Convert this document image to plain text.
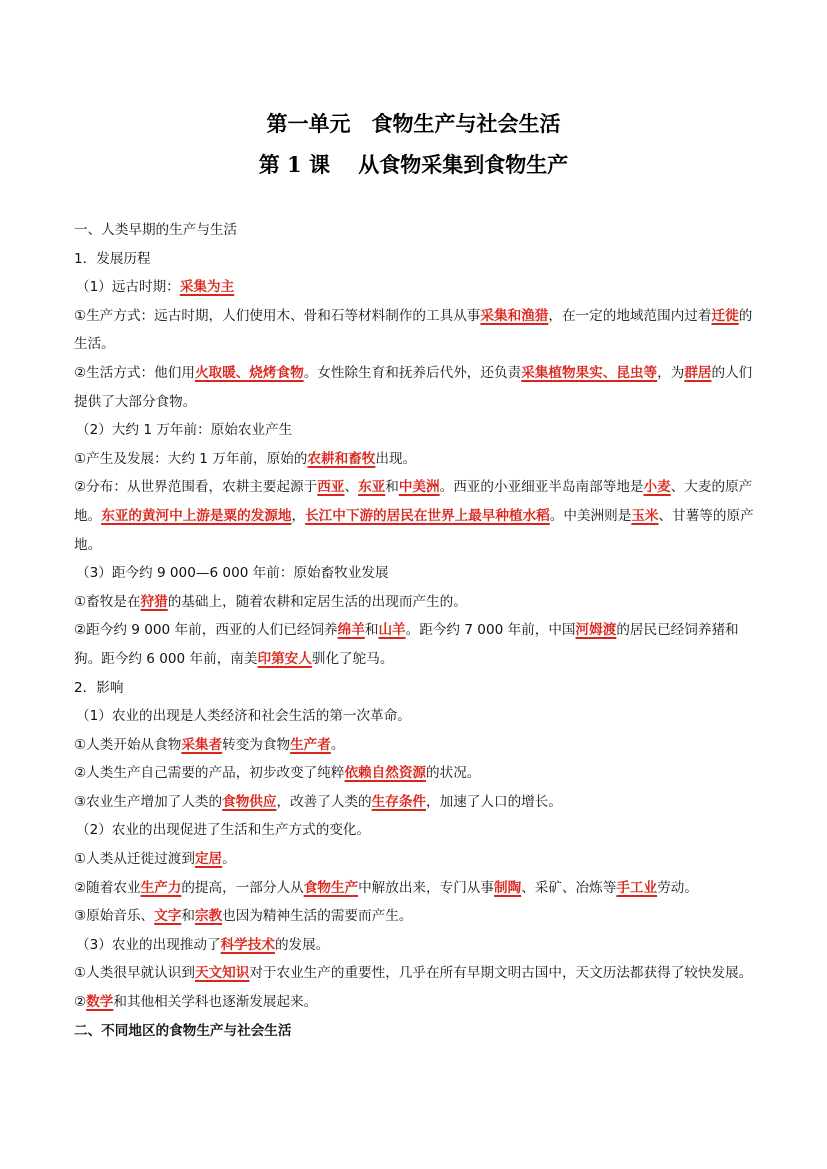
第一单元　食物生产与社会生活
第 1 课　 从食物采集到食物生产

一、人类早期的生产与生活

1．发展历程

（1）远古时期：采集为主

①生产方式：远古时期，人们使用木、骨和石等材料制作的工具从事采集和渔猎，在一定的地域范围内过着迁徙的生活。

②生活方式：他们用火取暖、烧烤食物。女性除生育和抚养后代外，还负责采集植物果实、昆虫等，为群居的人们提供了大部分食物。

（2）大约 1 万年前：原始农业产生

①产生及发展：大约 1 万年前，原始的农耕和畜牧出现。

②分布：从世界范围看，农耕主要起源于西亚、东亚和中美洲。西亚的小亚细亚半岛南部等地是小麦、大麦的原产地。东亚的黄河中上游是粟的发源地，长江中下游的居民在世界上最早种植水稻。中美洲则是玉米、甘薯等的原产地。

（3）距今约 9 000—6 000 年前：原始畜牧业发展

①畜牧是在狩猎的基础上，随着农耕和定居生活的出现而产生的。

②距今约 9 000 年前，西亚的人们已经饲养绵羊和山羊。距今约 7 000 年前，中国河姆渡的居民已经饲养猪和狗。距今约 6 000 年前，南美印第安人驯化了鸵马。

2．影响

（1）农业的出现是人类经济和社会生活的第一次革命。

①人类开始从食物采集者转变为食物生产者。

②人类生产自己需要的产品，初步改变了纯粹依赖自然资源的状况。

③农业生产增加了人类的食物供应，改善了人类的生存条件，加速了人口的增长。

（2）农业的出现促进了生活和生产方式的变化。

①人类从迁徙过渡到定居。

②随着农业生产力的提高，一部分人从食物生产中解放出来，专门从事制陶、采矿、冶炼等手工业劳动。

③原始音乐、文字和宗教也因为精神生活的需要而产生。

（3）农业的出现推动了科学技术的发展。

①人类很早就认识到天文知识对于农业生产的重要性，几乎在所有早期文明古国中，天文历法都获得了较快发展。

②数学和其他相关学科也逐渐发展起来。

二、不同地区的食物生产与社会生活
